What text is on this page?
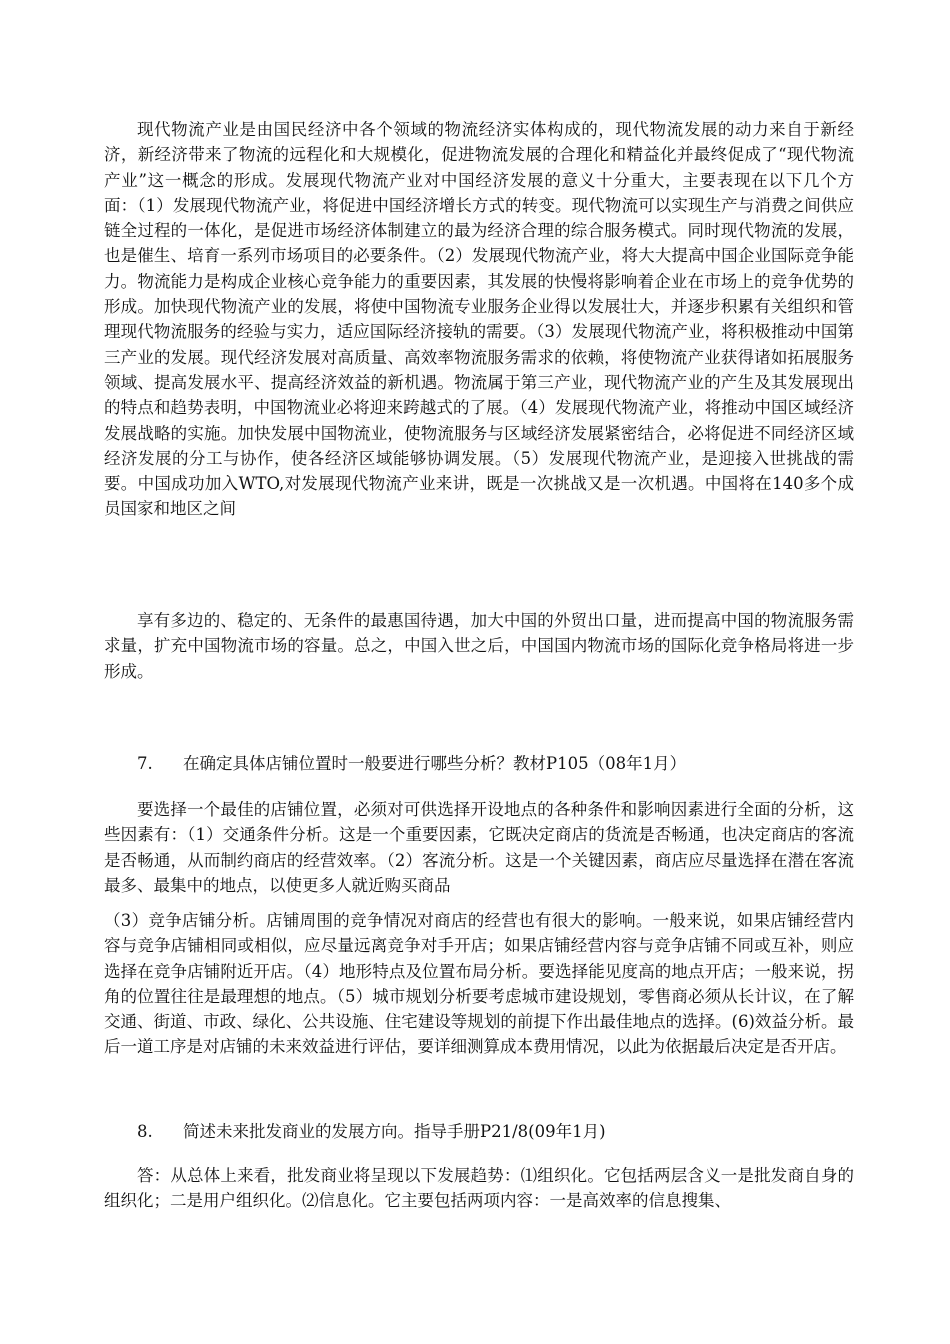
现代物流产业是由国民经济中各个领域的物流经济实体构成的，现代物流发展的动力来自于新经济，新经济带来了物流的远程化和大规模化，促进物流发展的合理化和精益化并最终促成了“现代物流产业”这一概念的形成。发展现代物流产业对中国经济发展的意义十分重大，主要表现在以下几个方面：（1）发展现代物流产业，将促进中国经济增长方式的转变。现代物流可以实现生产与消费之间供应链全过程的一体化，是促进市场经济体制建立的最为经济合理的综合服务模式。同时现代物流的发展，也是催生、培育一系列市场项目的必要条件。（2）发展现代物流产业，将大大提高中国企业国际竞争能力。物流能力是构成企业核心竞争能力的重要因素，其发展的快慢将影响着企业在市场上的竞争优势的形成。加快现代物流产业的发展，将使中国物流专业服务企业得以发展壮大，并逐步积累有关组织和管理现代物流服务的经验与实力，适应国际经济接轨的需要。（3）发展现代物流产业，将积极推动中国第三产业的发展。现代经济发展对高质量、高效率物流服务需求的依赖，将使物流产业获得诸如拓展服务领域、提高发展水平、提高经济效益的新机遇。物流属于第三产业，现代物流产业的产生及其发展现出的特点和趋势表明，中国物流业必将迎来跨越式的了展。（4）发展现代物流产业，将推动中国区域经济发展战略的实施。加快发展中国物流业，使物流服务与区域经济发展紧密结合，必将促进不同经济区域经济发展的分工与协作，使各经济区域能够协调发展。（5）发展现代物流产业，是迎接入世挑战的需要。中国成功加入WTO,对发展现代物流产业来讲，既是一次挑战又是一次机遇。中国将在140多个成员国家和地区之间

享有多边的、稳定的、无条件的最惠国待遇，加大中国的外贸出口量，进而提高中国的物流服务需求量，扩充中国物流市场的容量。总之，中国入世之后，中国国内物流市场的国际化竞争格局将进一步形成。

7. 在确定具体店铺位置时一般要进行哪些分析？教材P105（08年1月）

要选择一个最佳的店铺位置，必须对可供选择开设地点的各种条件和影响因素进行全面的分析，这些因素有：（1）交通条件分析。这是一个重要因素，它既决定商店的货流是否畅通，也决定商店的客流是否畅通，从而制约商店的经营效率。（2）客流分析。这是一个关键因素，商店应尽量选择在潜在客流最多、最集中的地点，以使更多人就近购买商品

（3）竞争店铺分析。店铺周围的竞争情况对商店的经营也有很大的影响。一般来说，如果店铺经营内容与竞争店铺相同或相似，应尽量远离竞争对手开店；如果店铺经营内容与竞争店铺不同或互补，则应选择在竞争店铺附近开店。（4）地形特点及位置布局分析。要选择能见度高的地点开店；一般来说，拐角的位置往往是最理想的地点。（5）城市规划分析要考虑城市建设规划，零售商必须从长计议，在了解交通、街道、市政、绿化、公共设施、住宅建设等规划的前提下作出最佳地点的选择。(6)效益分析。最后一道工序是对店铺的未来效益进行评估，要详细测算成本费用情况，以此为依据最后决定是否开店。

8. 简述未来批发商业的发展方向。指导手册P21/8(09年1月)

答：从总体上来看，批发商业将呈现以下发展趋势：⑴组织化。它包括两层含义一是批发商自身的组织化；二是用户组织化。⑵信息化。它主要包括两项内容：一是高效率的信息搜集、
